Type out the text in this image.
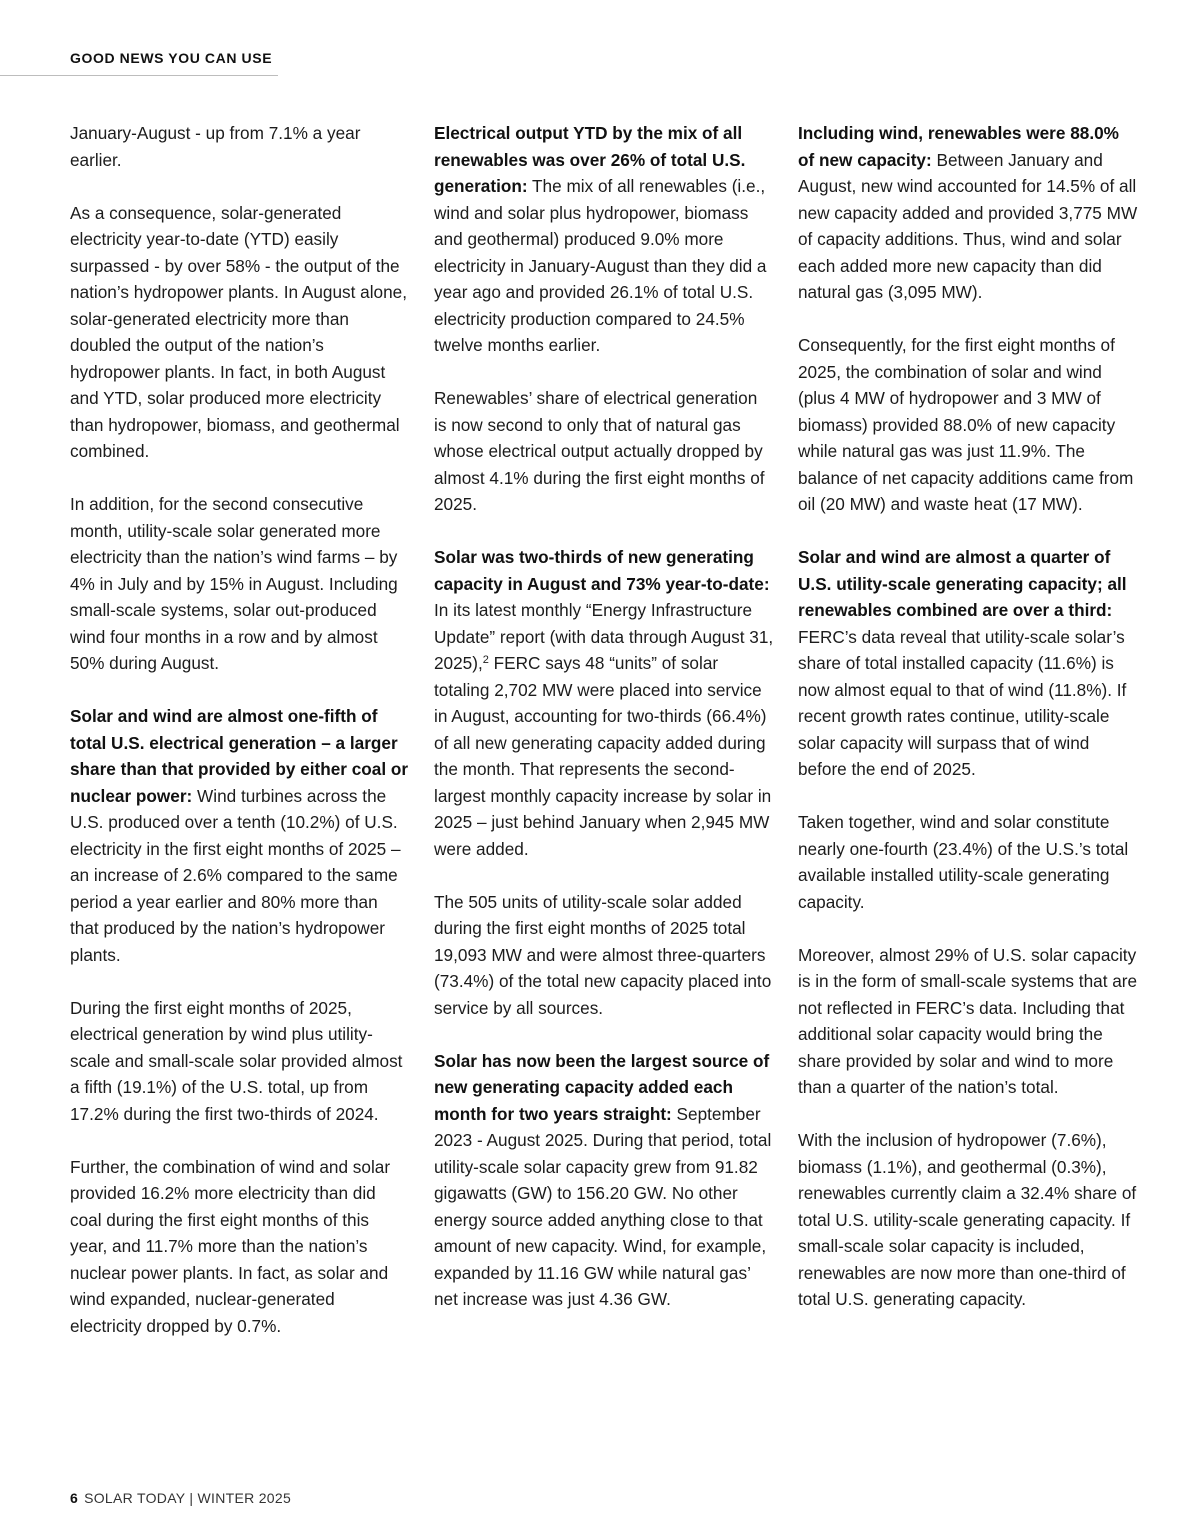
GOOD NEWS YOU CAN USE

January-August - up from 7.1% a year earlier.

As a consequence, solar-generated electricity year-to-date (YTD) easily surpassed - by over 58% - the output of the nation’s hydropower plants. In August alone, solar-generated electricity more than doubled the output of the nation’s hydropower plants. In fact, in both August and YTD, solar produced more electricity than hydropower, biomass, and geothermal combined.

In addition, for the second consecutive month, utility-scale solar generated more electricity than the nation’s wind farms – by 4% in July and by 15% in August. Including small-scale systems, solar out-produced wind four months in a row and by almost 50% during August.

Solar and wind are almost one-fifth of total U.S. electrical generation – a larger share than that provided by either coal or nuclear power: Wind turbines across the U.S. produced over a tenth (10.2%) of U.S. electricity in the first eight months of 2025 – an increase of 2.6% compared to the same period a year earlier and 80% more than that produced by the nation’s hydropower plants.

During the first eight months of 2025, electrical generation by wind plus utility-scale and small-scale solar provided almost a fifth (19.1%) of the U.S. total, up from 17.2% during the first two-thirds of 2024.

Further, the combination of wind and solar provided 16.2% more electricity than did coal during the first eight months of this year, and 11.7% more than the nation’s nuclear power plants. In fact, as solar and wind expanded, nuclear-generated electricity dropped by 0.7%.

Electrical output YTD by the mix of all renewables was over 26% of total U.S. generation: The mix of all renewables (i.e., wind and solar plus hydropower, biomass and geothermal) produced 9.0% more electricity in January-August than they did a year ago and provided 26.1% of total U.S. electricity production compared to 24.5% twelve months earlier.

Renewables’ share of electrical generation is now second to only that of natural gas whose electrical output actually dropped by almost 4.1% during the first eight months of 2025.

Solar was two-thirds of new generating capacity in August and 73% year-to-date: In its latest monthly “Energy Infrastructure Update” report (with data through August 31, 2025),$^2$ FERC says 48 “units” of solar totaling 2,702 MW were placed into service in August, accounting for two-thirds (66.4%) of all new generating capacity added during the month. That represents the second-largest monthly capacity increase by solar in 2025 – just behind January when 2,945 MW were added.

The 505 units of utility-scale solar added during the first eight months of 2025 total 19,093 MW and were almost three-quarters (73.4%) of the total new capacity placed into service by all sources.

Solar has now been the largest source of new generating capacity added each month for two years straight: September 2023 - August 2025. During that period, total utility-scale solar capacity grew from 91.82 gigawatts (GW) to 156.20 GW. No other energy source added anything close to that amount of new capacity. Wind, for example, expanded by 11.16 GW while natural gas’ net increase was just 4.36 GW.

Including wind, renewables were 88.0% of new capacity: Between January and August, new wind accounted for 14.5% of all new capacity added and provided 3,775 MW of capacity additions. Thus, wind and solar each added more new capacity than did natural gas (3,095 MW).

Consequently, for the first eight months of 2025, the combination of solar and wind (plus 4 MW of hydropower and 3 MW of biomass) provided 88.0% of new capacity while natural gas was just 11.9%. The balance of net capacity additions came from oil (20 MW) and waste heat (17 MW).

Solar and wind are almost a quarter of U.S. utility-scale generating capacity; all renewables combined are over a third: FERC’s data reveal that utility-scale solar’s share of total installed capacity (11.6%) is now almost equal to that of wind (11.8%). If recent growth rates continue, utility-scale solar capacity will surpass that of wind before the end of 2025.

Taken together, wind and solar constitute nearly one-fourth (23.4%) of the U.S.’s total available installed utility-scale generating capacity.

Moreover, almost 29% of U.S. solar capacity is in the form of small-scale systems that are not reflected in FERC’s data. Including that additional solar capacity would bring the share provided by solar and wind to more than a quarter of the nation’s total.

With the inclusion of hydropower (7.6%), biomass (1.1%), and geothermal (0.3%), renewables currently claim a 32.4% share of total U.S. utility-scale generating capacity. If small-scale solar capacity is included, renewables are now more than one-third of total U.S. generating capacity.

6 SOLAR TODAY | WINTER 2025
